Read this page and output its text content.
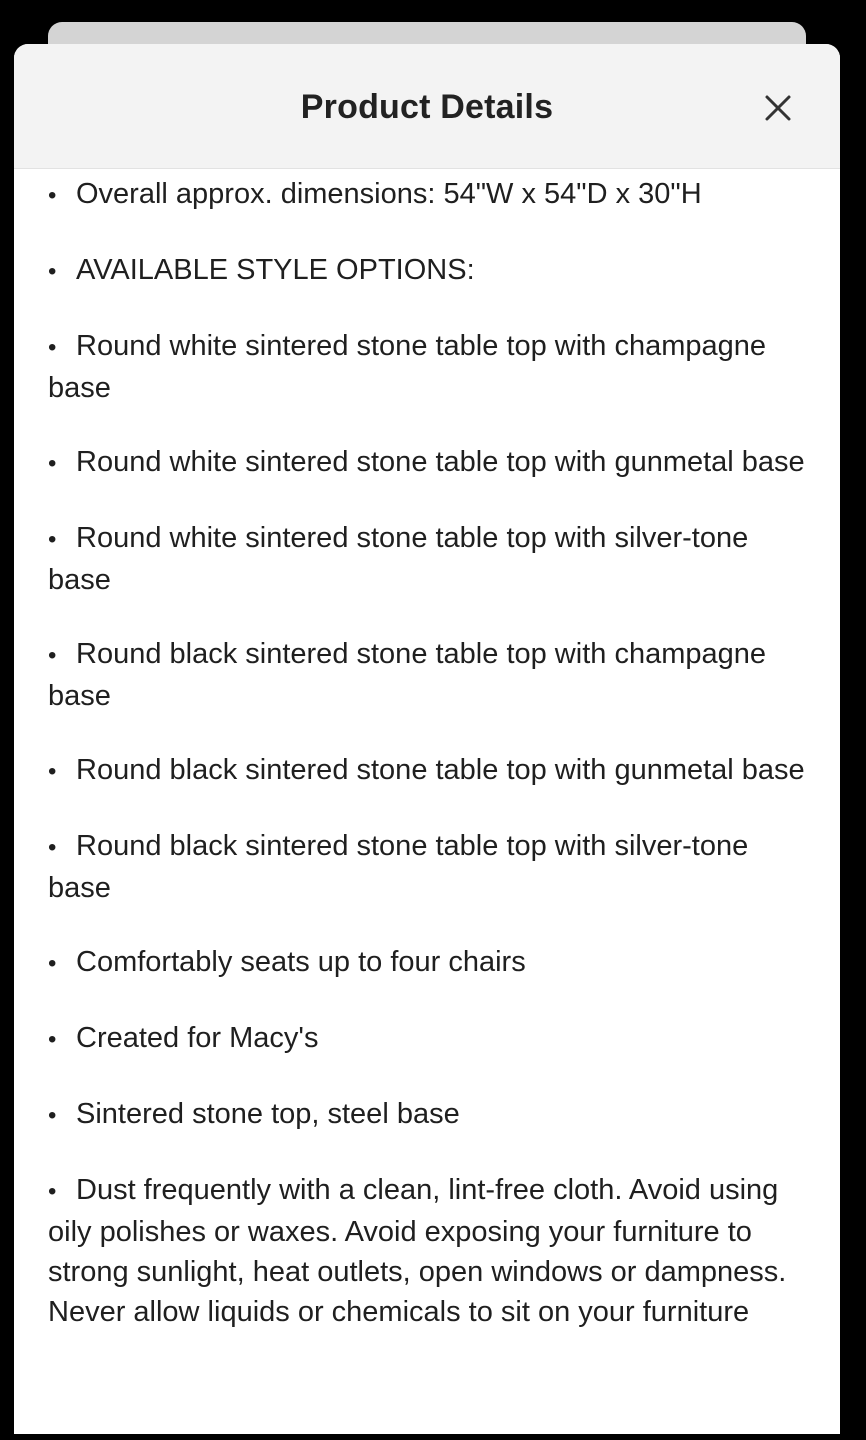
Product Details

• Overall approx. dimensions: 54"W x 54"D x 30"H

• AVAILABLE STYLE OPTIONS:

• Round white sintered stone table top with champagne base

• Round white sintered stone table top with gunmetal base

• Round white sintered stone table top with silver-tone base

• Round black sintered stone table top with champagne base

• Round black sintered stone table top with gunmetal base

• Round black sintered stone table top with silver-tone base

• Comfortably seats up to four chairs

• Created for Macy's

• Sintered stone top, steel base

• Dust frequently with a clean, lint-free cloth. Avoid using oily polishes or waxes. Avoid exposing your furniture to strong sunlight, heat outlets, open windows or dampness. Never allow liquids or chemicals to sit on your furniture
